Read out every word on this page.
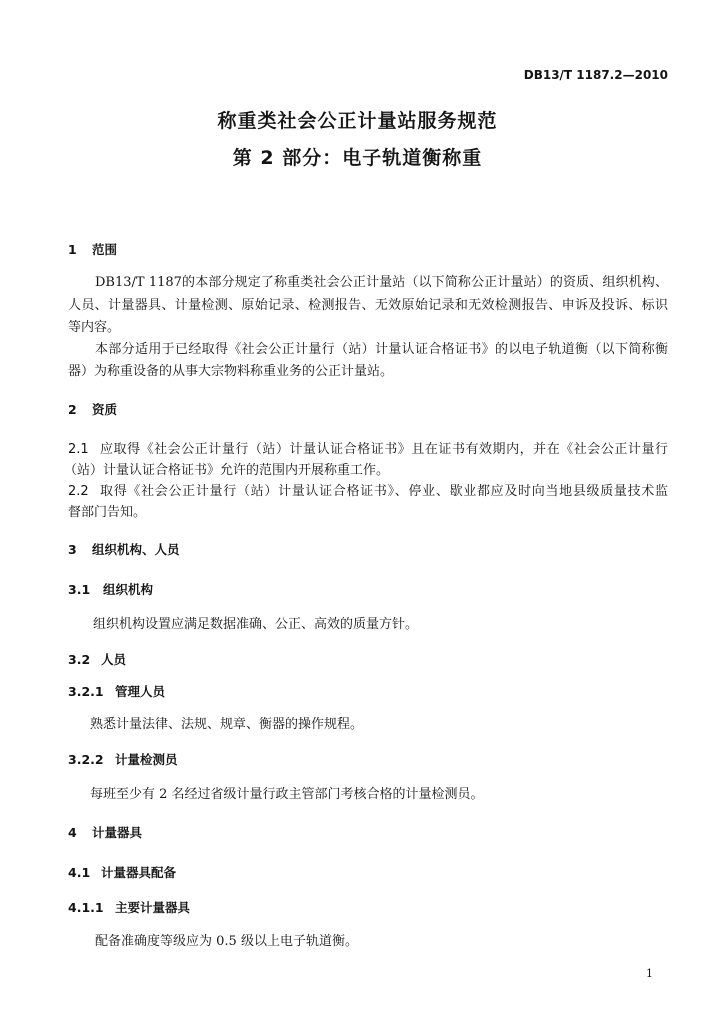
DB13/T 1187.2—2010
称重类社会公正计量站服务规范
第 2 部分：电子轨道衡称重
1 范围
DB13/T 1187的本部分规定了称重类社会公正计量站（以下简称公正计量站）的资质、组织机构、
人员、计量器具、计量检测、原始记录、检测报告、无效原始记录和无效检测报告、申诉及投诉、标识
等内容。
本部分适用于已经取得《社会公正计量行（站）计量认证合格证书》的以电子轨道衡（以下简称衡
器）为称重设备的从事大宗物料称重业务的公正计量站。
2 资质
2.1 应取得《社会公正计量行（站）计量认证合格证书》且在证书有效期内，并在《社会公正计量行
（站）计量认证合格证书》允许的范围内开展称重工作。
2.2 取得《社会公正计量行（站）计量认证合格证书》、停业、歇业都应及时向当地县级质量技术监
督部门告知。
3 组织机构、人员
3.1 组织机构
组织机构设置应满足数据准确、公正、高效的质量方针。
3.2 人员
3.2.1 管理人员
熟悉计量法律、法规、规章、衡器的操作规程。
3.2.2 计量检测员
每班至少有 2 名经过省级计量行政主管部门考核合格的计量检测员。
4 计量器具
4.1 计量器具配备
4.1.1 主要计量器具
配备准确度等级应为 0.5 级以上电子轨道衡。
1
